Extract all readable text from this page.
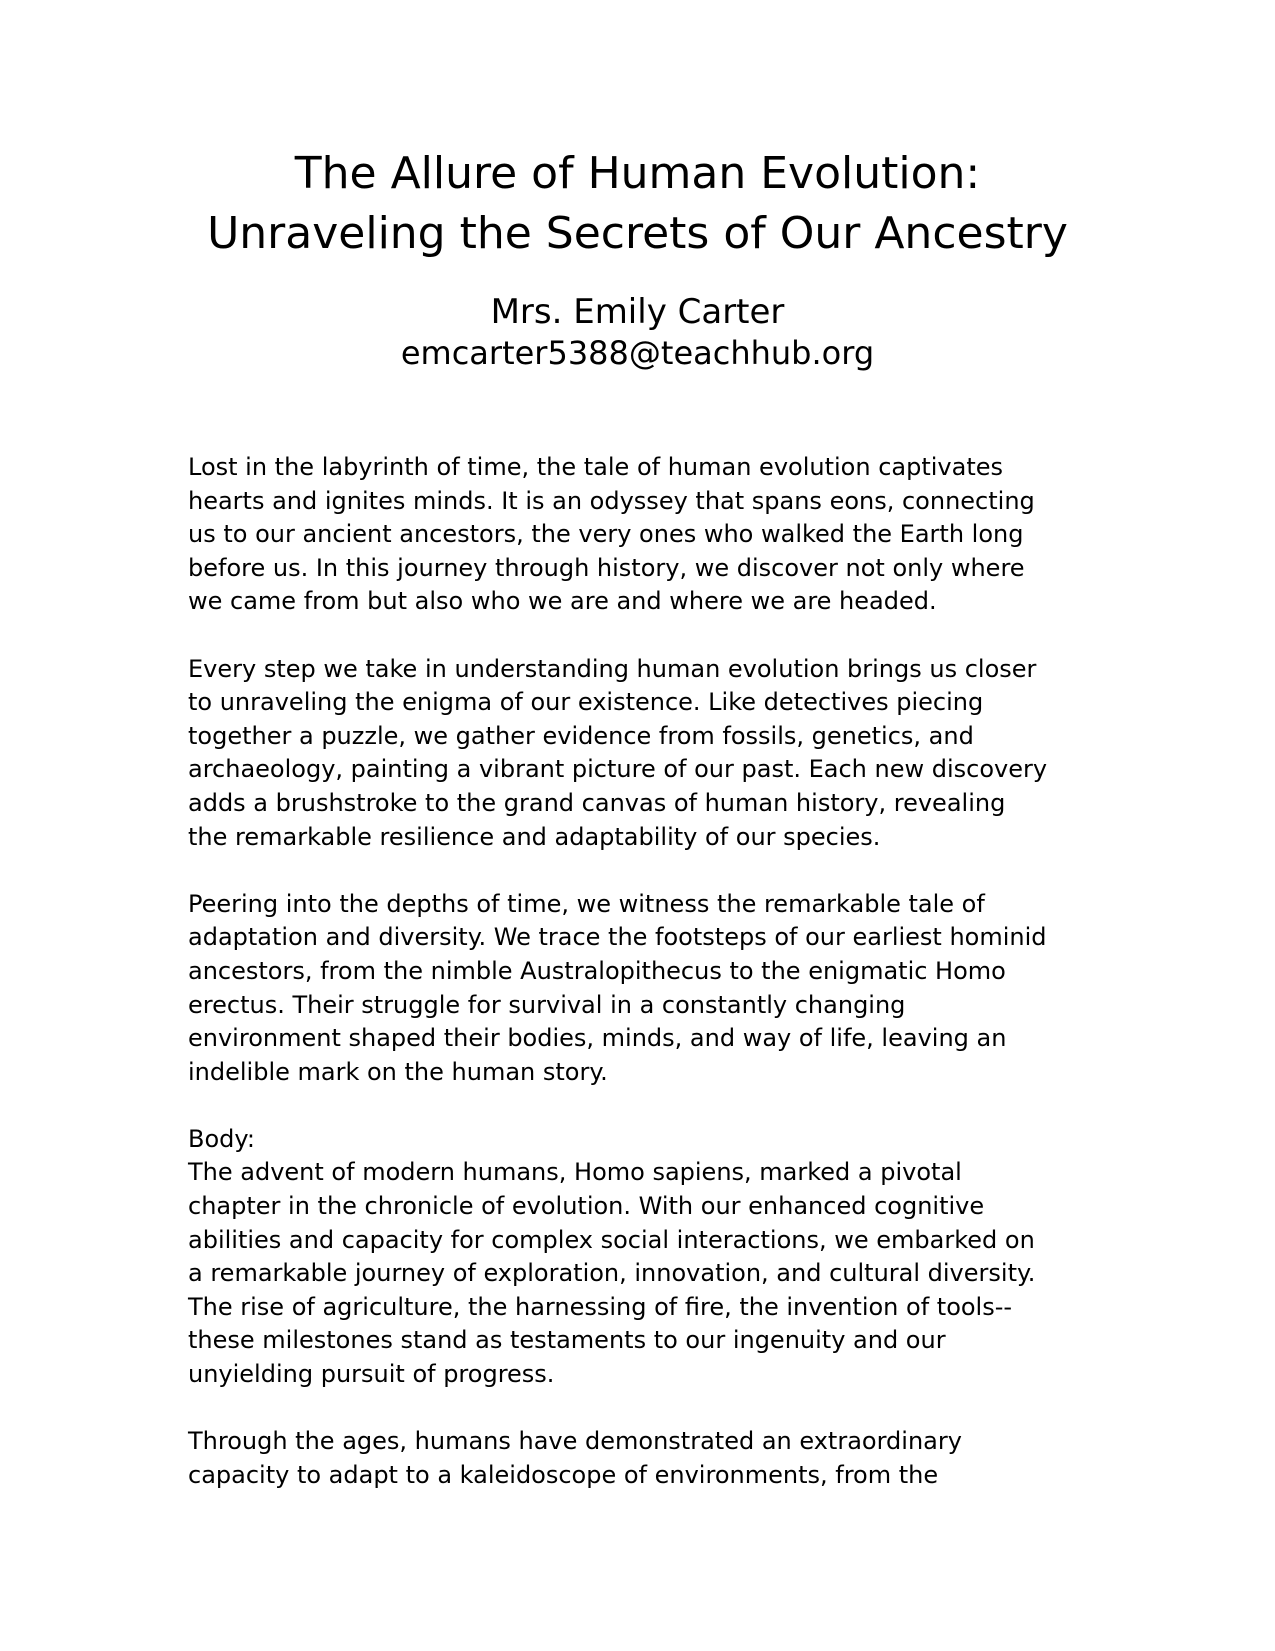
The Allure of Human Evolution:
Unraveling the Secrets of Our Ancestry
Mrs. Emily Carter
emcarter5388@teachhub.org

Lost in the labyrinth of time, the tale of human evolution captivates
hearts and ignites minds. It is an odyssey that spans eons, connecting
us to our ancient ancestors, the very ones who walked the Earth long
before us. In this journey through history, we discover not only where
we came from but also who we are and where we are headed.

Every step we take in understanding human evolution brings us closer
to unraveling the enigma of our existence. Like detectives piecing
together a puzzle, we gather evidence from fossils, genetics, and
archaeology, painting a vibrant picture of our past. Each new discovery
adds a brushstroke to the grand canvas of human history, revealing
the remarkable resilience and adaptability of our species.

Peering into the depths of time, we witness the remarkable tale of
adaptation and diversity. We trace the footsteps of our earliest hominid
ancestors, from the nimble Australopithecus to the enigmatic Homo
erectus. Their struggle for survival in a constantly changing
environment shaped their bodies, minds, and way of life, leaving an
indelible mark on the human story.

Body:
The advent of modern humans, Homo sapiens, marked a pivotal
chapter in the chronicle of evolution. With our enhanced cognitive
abilities and capacity for complex social interactions, we embarked on
a remarkable journey of exploration, innovation, and cultural diversity.
The rise of agriculture, the harnessing of fire, the invention of tools--
these milestones stand as testaments to our ingenuity and our
unyielding pursuit of progress.

Through the ages, humans have demonstrated an extraordinary
capacity to adapt to a kaleidoscope of environments, from the
